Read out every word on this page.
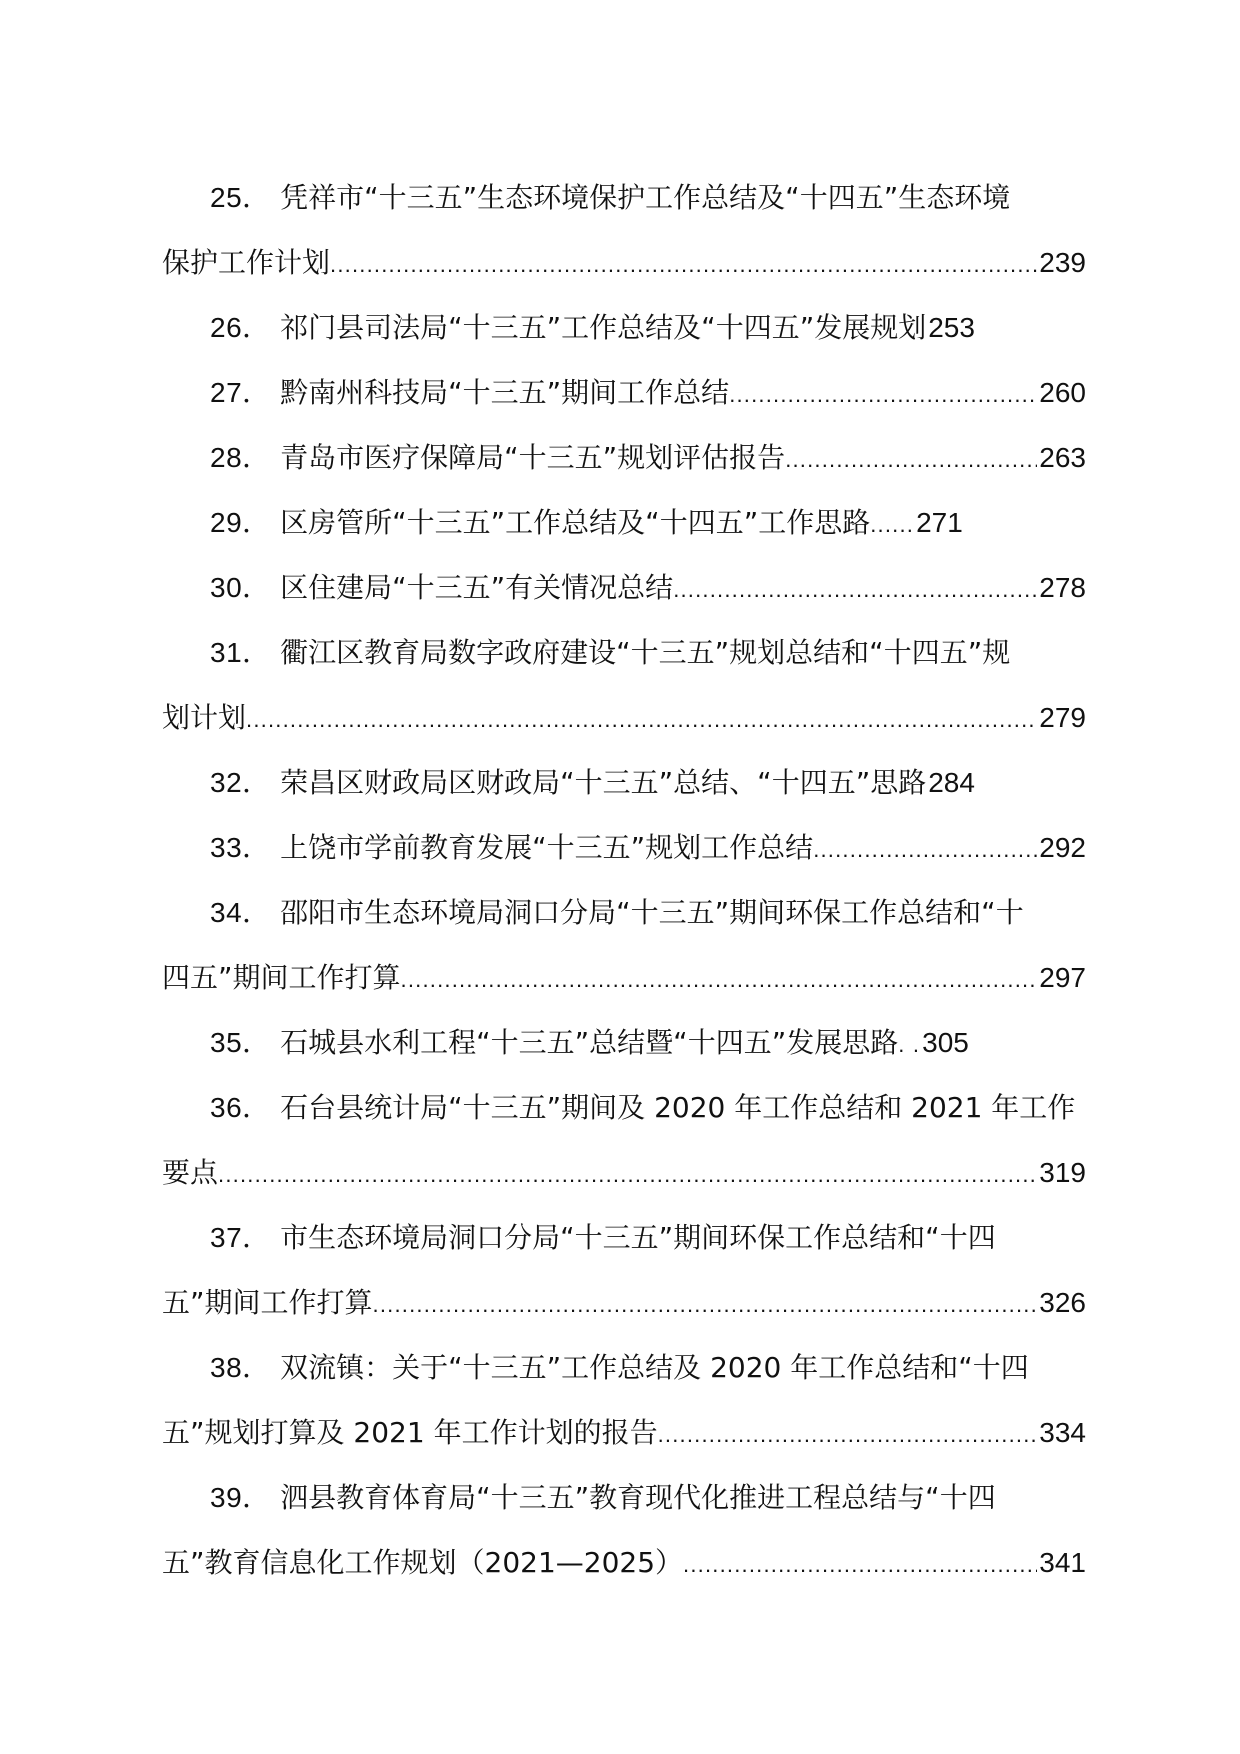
25 ． 凭祥市“十三五”生态环境保护工作总结及“十四五”生态环境
保护工作计划 .....	239
26 ． 祁门县司法局“十三五”工作总结及“十四五”发展规划 253
27 ． 黔南州科技局“十三五”期间工作总结 .....	260
28 ． 青岛市医疗保障局“十三五”规划评估报告 .....	263
29 ． 区房管所“十三五”工作总结及“十四五”工作思路 ...... 271
30 ． 区住建局“十三五”有关情况总结 .....	278
31 ． 衢江区教育局数字政府建设“十三五”规划总结和“十四五”规
划计划 .....	279
32 ． 荣昌区财政局区财政局“十三五”总结、“十四五”思路 284
33 ． 上饶市学前教育发展“十三五”规划工作总结 .....	292
34 ． 邵阳市生态环境局洞口分局“十三五”期间环保工作总结和“十
四五”期间工作打算 .....	297
35 ． 石城县水利工程“十三五”总结暨“十四五”发展思路 . . 305
36 ． 石台县统计局“十三五”期间及 2020 年工作总结和 2021 年工作
要点 .....	319
37 ． 市生态环境局洞口分局“十三五”期间环保工作总结和“十四
五”期间工作打算 .....	326
38 ． 双流镇：关于“十三五”工作总结及 2020 年工作总结和“十四
五”规划打算及 2021 年工作计划的报告 .....	334
39 ． 泗县教育体育局“十三五”教育现代化推进工程总结与“十四
五”教育信息化工作规划（2021—2025） .....	341
